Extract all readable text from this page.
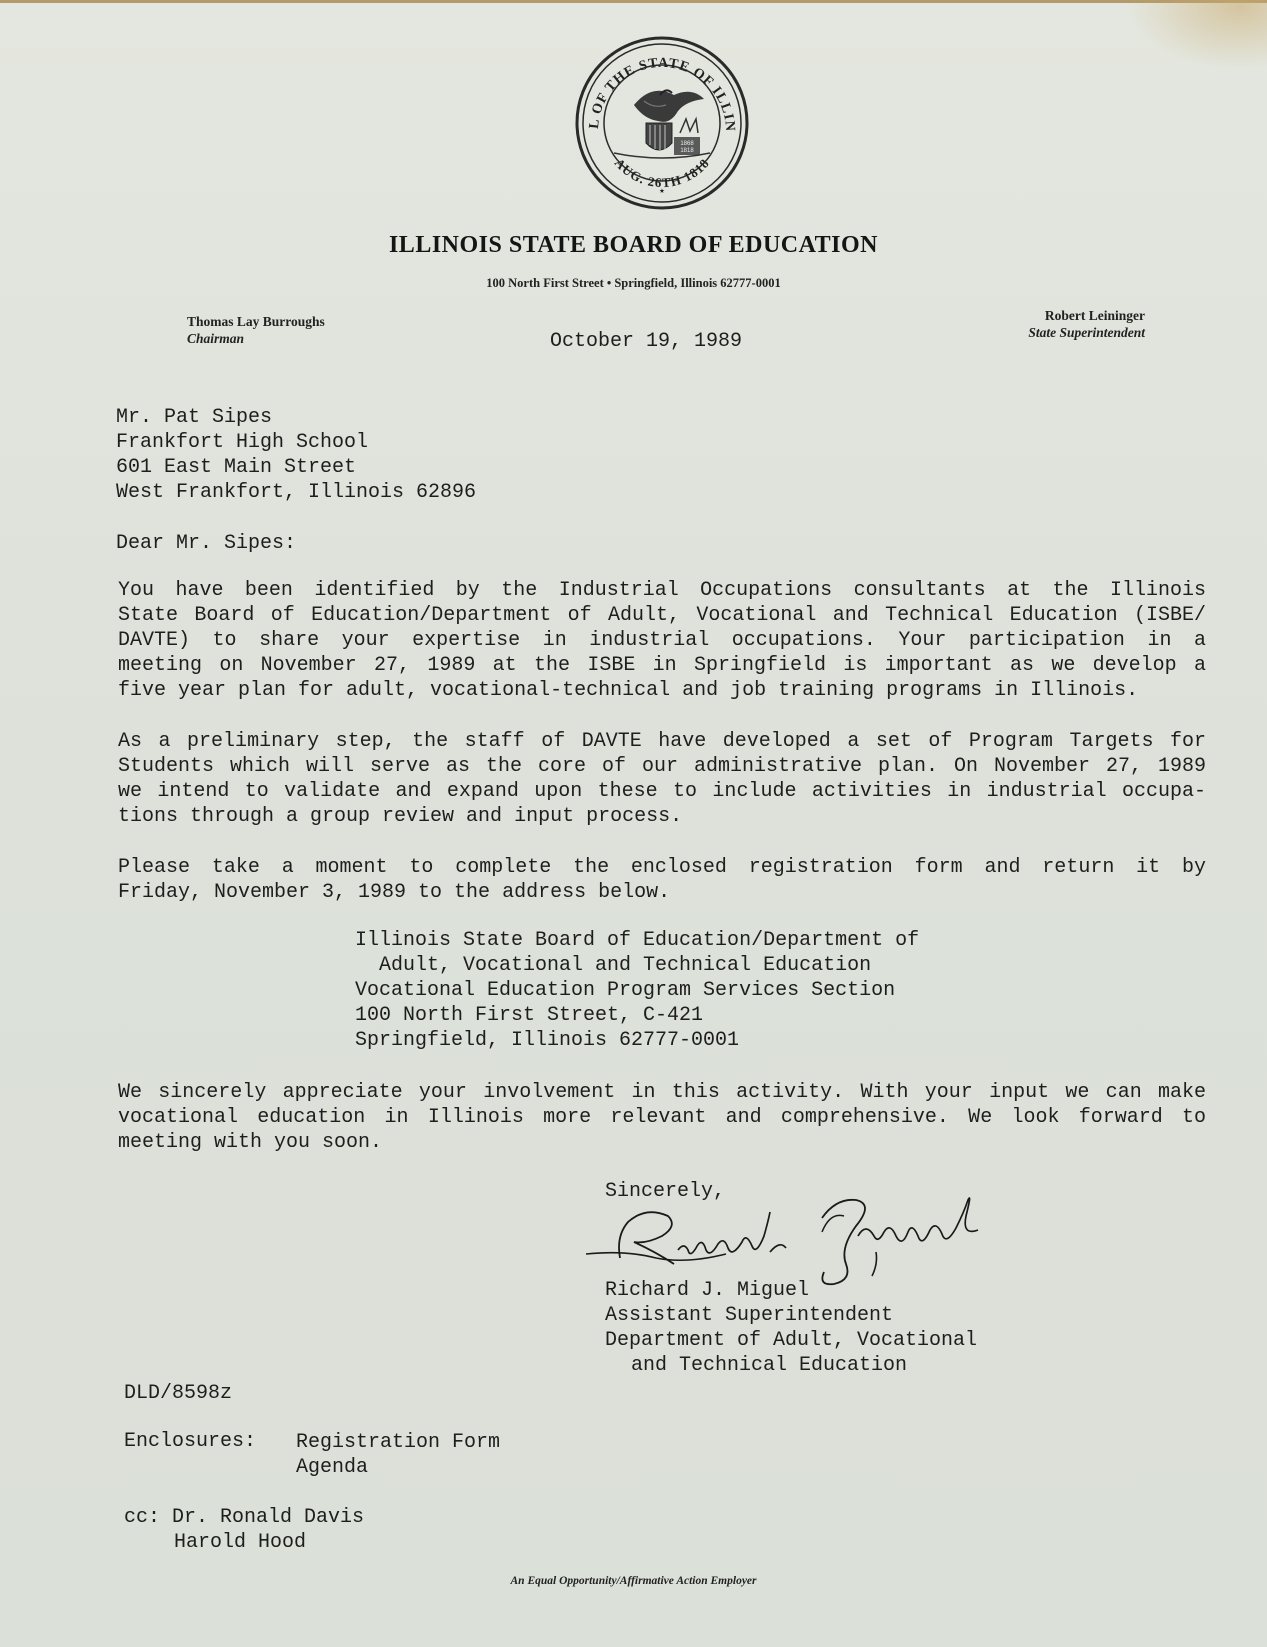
L OF THE STATE OF ILLIN
AUG. 26TH 1818
1868
1818
★
ILLINOIS STATE BOARD OF EDUCATION
100 North First Street • Springfield, Illinois 62777-0001
Thomas Lay Burroughs
Chairman
Robert Leininger
State Superintendent
October 19, 1989
Mr. Pat Sipes
Frankfort High School
601 East Main Street
West Frankfort, Illinois 62896
Dear Mr. Sipes:
You have been identified by the Industrial Occupations consultants at the Illinois
State Board of Education/Department of Adult, Vocational and Technical Education (ISBE/
DAVTE) to share your expertise in industrial occupations. Your participation in a
meeting on November 27, 1989 at the ISBE in Springfield is important as we develop a
five year plan for adult, vocational-technical and job training programs in Illinois.
As a preliminary step, the staff of DAVTE have developed a set of Program Targets for
Students which will serve as the core of our administrative plan. On November 27, 1989
we intend to validate and expand upon these to include activities in industrial occupa-
tions through a group review and input process.
Please take a moment to complete the enclosed registration form and return it by
Friday, November 3, 1989 to the address below.
Illinois State Board of Education/Department of
Adult, Vocational and Technical Education
Vocational Education Program Services Section
100 North First Street, C-421
Springfield, Illinois 62777-0001
We sincerely appreciate your involvement in this activity. With your input we can make
vocational education in Illinois more relevant and comprehensive. We look forward to
meeting with you soon.
Sincerely,
Richard J. Miguel
Assistant Superintendent
Department of Adult, Vocational
and Technical Education
DLD/8598z
Enclosures: Registration Form
Agenda
cc: Dr. Ronald Davis
Harold Hood
An Equal Opportunity/Affirmative Action Employer
